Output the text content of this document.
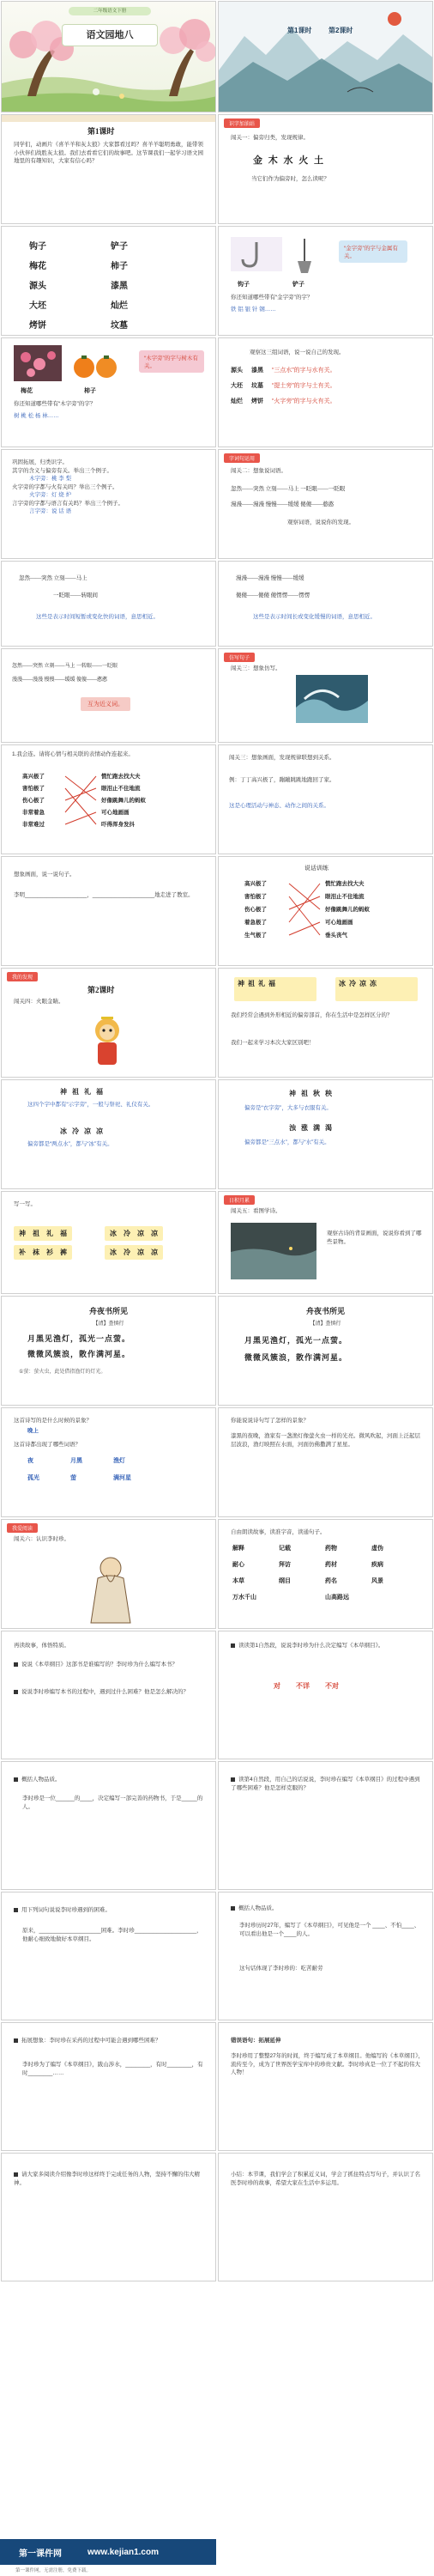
二年级语文下册
语文园地八	第1课时 第2课时
第1课时
同学们，动画片《喜羊羊和灰太狼》大家都看过吗？喜羊羊聪明勇敢，能带领小伙伴们战胜灰太狼。我们去看看它们的故事吧。这节课我们一起学习语文园地里的有趣知识，大家有信心吗？
识字加油站
闯关一：偏旁归类，发现规律。
金 木 水 火 土
当它们作为偏旁时，怎么读呢？
钩子	铲子
梅花	柿子
源头	漆黑
大坯	灿烂
烤饼	坟墓
“金字旁”的字与金属有关。
钩子	铲子
你还知道哪些带有“金字旁”的字？
铁 铝 银 针 钢……
“木字旁”的字与树木有关。
梅花	柿子
你还知道哪些带有“木字旁”的字？
树 桃 松 杨 林……
观察这三组词语，说一说自己的发现。
源头 漆黑 “三点水”的字与水有关。
大坯 坟墓 “提土旁”的字与土有关。
灿烂 烤饼 “火字旁”的字与火有关。
巩固拓展，归类识字。
其字的含义与偏旁有关。举出三个例子。
木字旁：桃 李 梨
火字旁的字都与火有关吗？举出三个例子。
火字旁：灯 烧 炉
言字旁的字都与语言有关吗？举出三个例子。
言字旁：说 话 语
字词句运用
闯关二：想象说词语。
忽然——突然 立刻——马上 一眨眼——一眨眼
漫漫——漫漫 慢慢——缓缓 傻傻——憨憨
观察词语，说说你的发现。
忽然——突然 立刻——马上
一眨眼——转眼间
这些是表示时间短暂或变化快的词语，意思相近。
漫漫——漫漫 慢慢——缓缓
傻傻——傻傻 傻愣愣——愣愣
这些是表示时间长或变化缓慢的词语，意思相近。
忽然——突然 立刻——马上 一转眼——一眨眼
漫漫——漫漫 慢慢——缓缓 傻傻——憨憨
互为近义词。
仿写句子
闯关三：想象仿写。
1.我会连。请将心情与相关联的表情动作连起来。
高兴极了
害怕极了
伤心极了
非常着急
非常难过
慌忙跑去找大夫
眼泪止不住地流
好像跳舞儿的蚂蚁
可心地画画
吓得浑身发抖
闯关三：想象画面，发现规律联想到关系。
例：丁丁高兴极了，蹦蹦跳跳地跑回了家。
这是心理活动与神态、动作之间的关系。
想象画面，说一说句子。
李明____________________，____________________地走进了教室。
说话训练
高兴极了
害怕极了
伤心极了
着急极了
生气极了
慌忙跑去找大夫
眼泪止不住地流
好像跳舞儿的蚂蚁
可心地画画
垂头丧气
我的发现
第2课时
闯关四：火眼金睛。
神 祖 礼 福	冰 冷 凉 冻
我们经常会遇到外形相近的偏旁部首，你在生活中是怎样区分的？
我们一起来学习本次大家区别吧！
神 祖 礼 福
这四个字中都有“示字旁”，一般与祭祀、礼仪有关。
冰 冷 凉 凉
偏旁都是“两点水”，都与“冰”有关。
神 祖 秋 秧
偏旁是“衣字旁”，大多与衣服有关。
浊 涨 满 渴
偏旁都是“三点水”，都与“水”有关。
写一写。
神 祖 礼 福	冰 冷 凉 凉
补 袜 衫 裤	冰 冷 凉 凉
日积月累
闯关五：看图学诗。
观察古诗的背景画面，说说你看到了哪些景物。
舟夜书所见
【清】查慎行
月黑见渔灯，孤光一点萤。
微微风簇浪，散作满河星。
①萤：萤火虫，此处借指渔灯的灯光。
舟夜书所见
【清】查慎行
月黑见渔灯，孤光一点萤。
微微风簇浪，散作满河星。
这首诗写的是什么时候的景象？
晚上
这首诗都出现了哪些词语？
夜	月黑	渔灯
孤光	萤	满河星
你能说说诗句写了怎样的景象？
漆黑的夜晚，渔家有一盏渔灯像萤火虫一样的光亮。微风吹起，河面上泛起层层波浪，渔灯映照在水面，河面仿佛撒满了星星。
我爱阅读
闯关六：认识李时珍。
自由朗读故事，读准字音，读通句子。
解释	记载	药物	虚伪
耐心	拜访	药材	疾病
本草	纲目	药名	风景
万水千山	山高路远
再读故事，体悟特质。
说说《本草纲目》这部书是谁编写的？李时珍为什么编写本书？
说说李时珍编写本书的过程中，遇到过什么困难？他是怎么解决的？
读读第1自然段，说说李时珍为什么决定编写《本草纲目》。
对 不详 不对
概括人物品质。
李时珍是一位______的____，决定编写一部完善的药物书，于是_____的人。
读第4自然段，用自己的话说说，李时珍在编写《本草纲目》的过程中遇到了哪些困难？他是怎样克服的？
概括人物品质。
李时珍历时27年，编写了《本草纲目》，可见他是一个 ____、不怕____、可以看出他是一个____的人。
这句话体现了李时珍的：吃苦耐劳
用下列词句说说李时珍遇到的困难。
原来，____________________困难。李时珍____________________，他耐心细致地做好本草纲目。
错误语句：拓展延伸
李时珍用了整整27年的时间，终于编写成了本草纲目。他编写的《本草纲目》，流传至今，成为了世界医学宝库中的珍贵文献。李时珍真是一位了不起的伟大人物！
拓展想象：李时珍在采药的过程中可能会遇到哪些困难？
李时珍为了编写《本草纲目》，跋山涉水，________，有时________，有时________……
请大家多阅读介绍像李时珍这样终于完成任务的人物，坚持不懈的伟大精神。
小结：本节课，我们学会了积累近义词，学会了抓住特点写句子，并认识了名医李时珍的故事，希望大家在生活中多运用。
第一课件网	www.kejian1.com
第一课件网，无需注册，免费下载。
